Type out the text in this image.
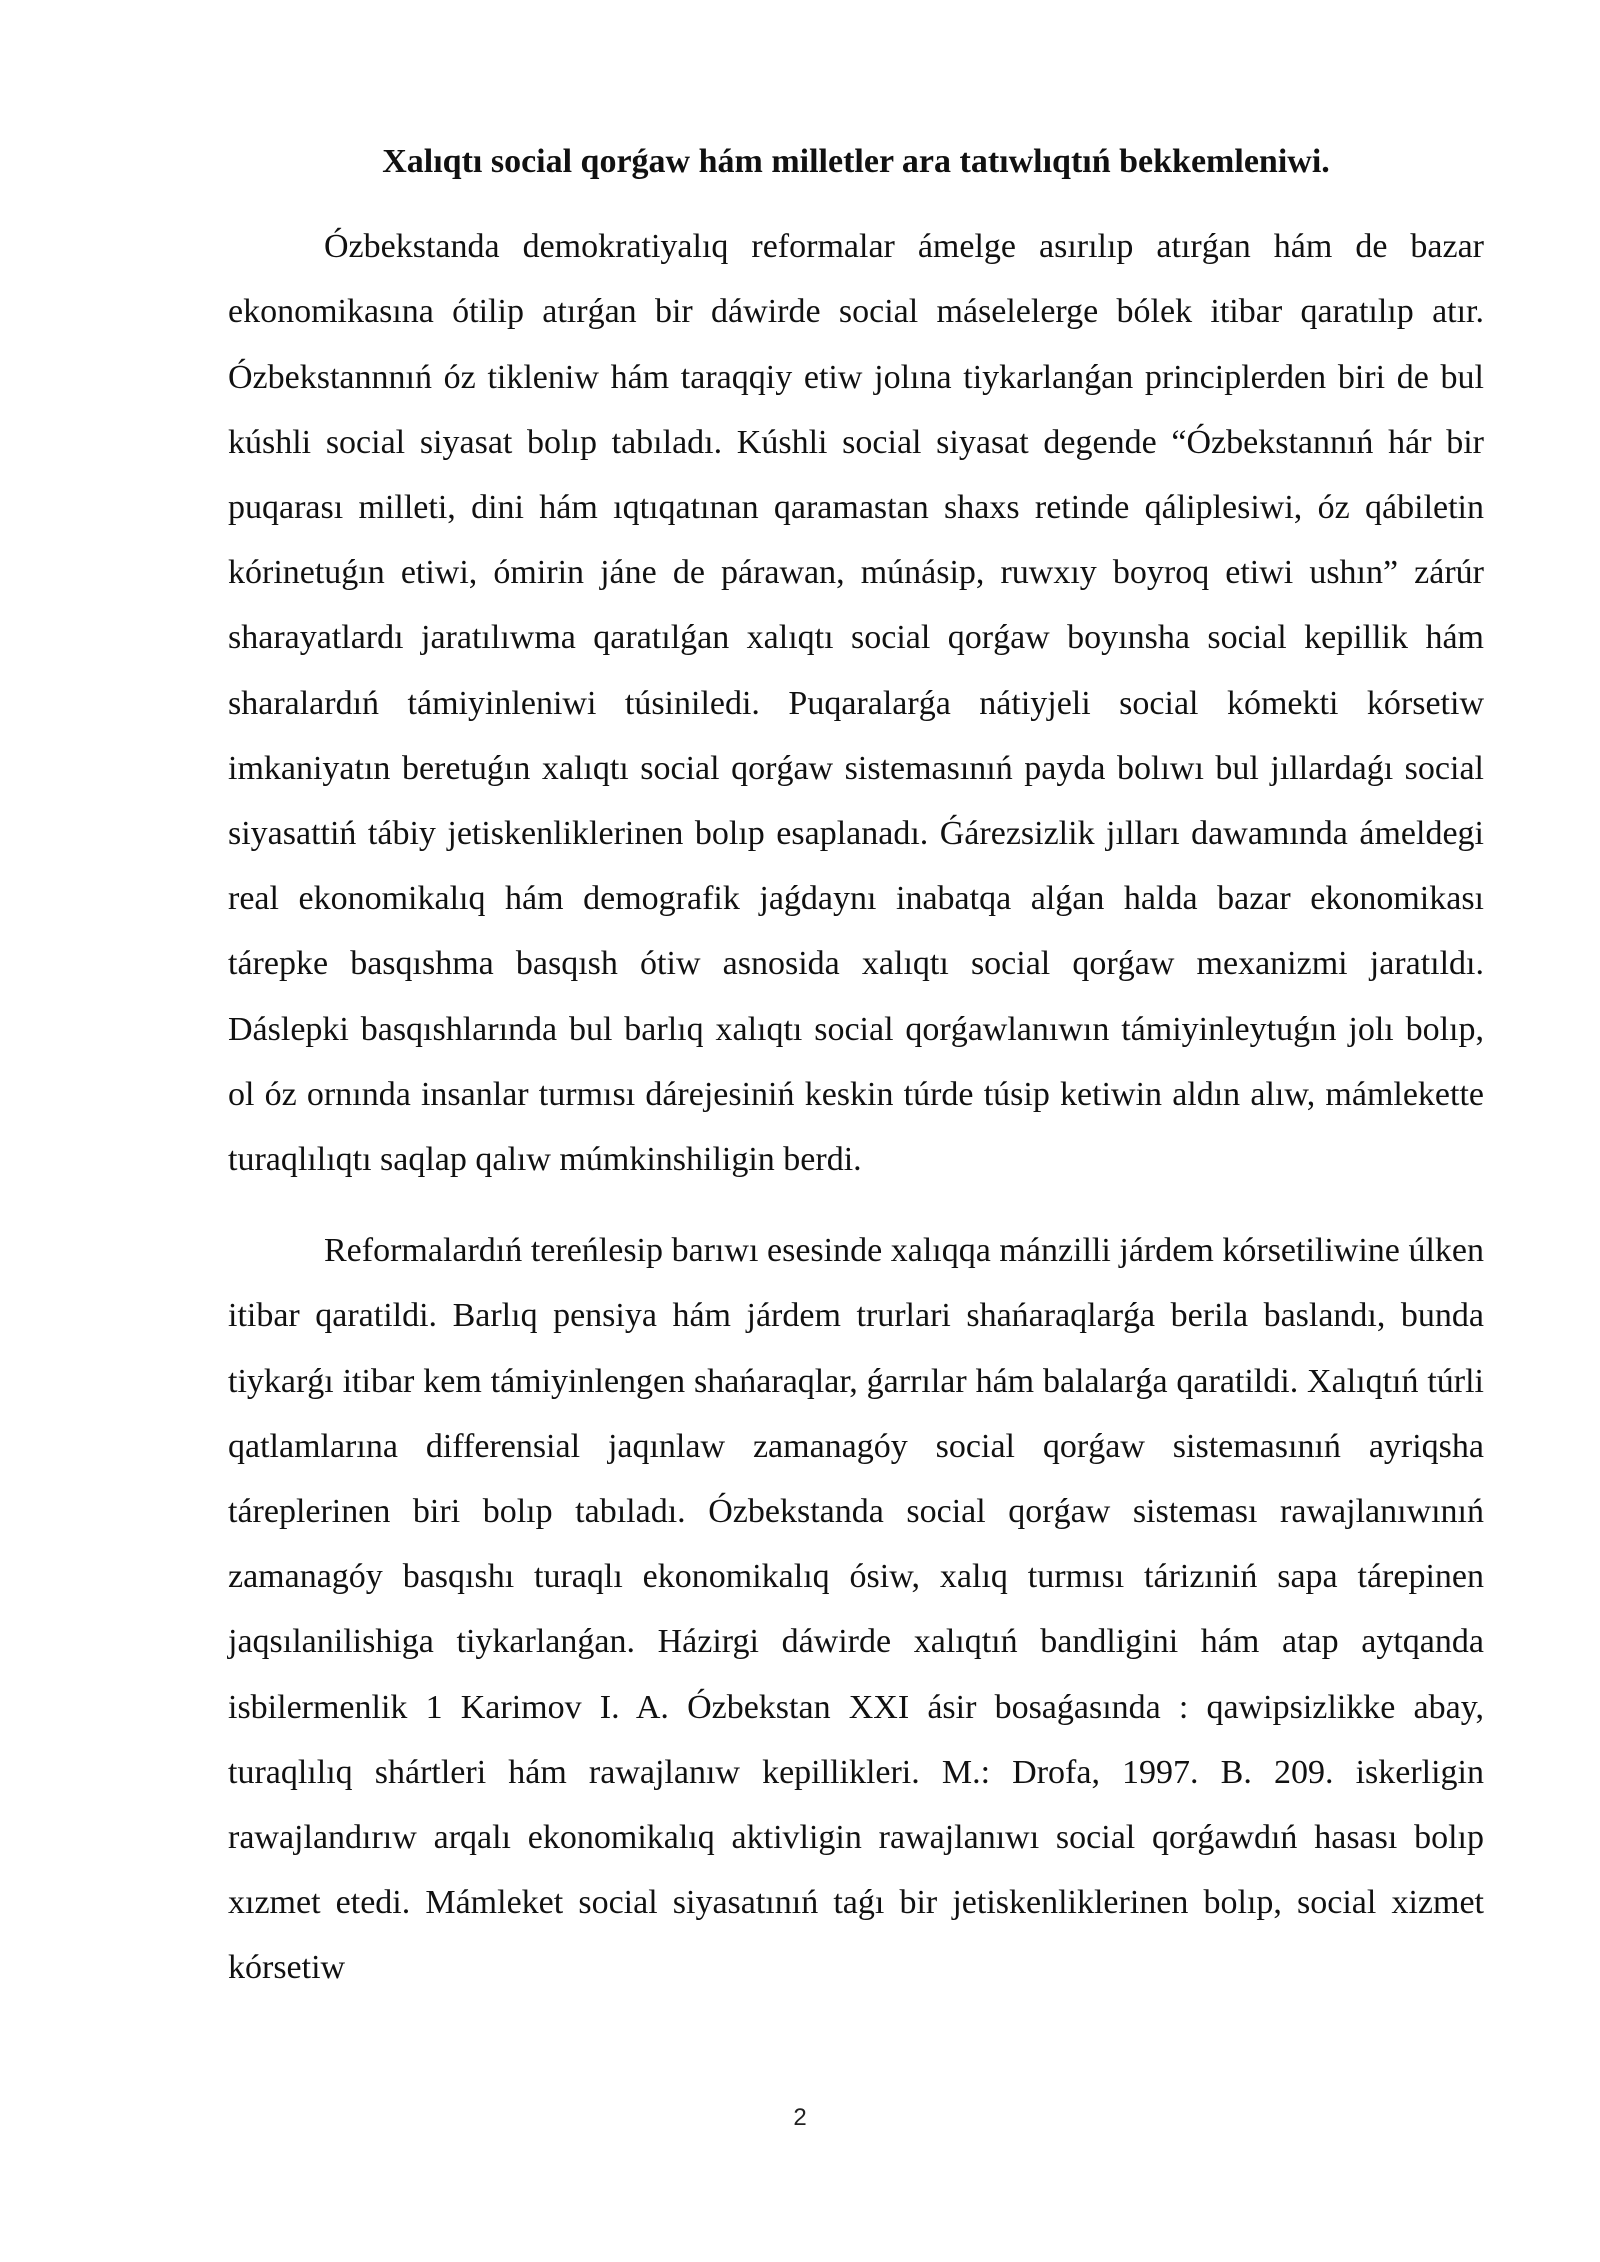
Xalıqtı social qorǵaw hám milletler ara tatıwlıqtıń bekkemleniwi.

Ózbekstanda demokratiyalıq reformalar ámelge asırılıp atırǵan hám de bazar ekonomikasına ótilip atırǵan bir dáwirde social máselelerge bólek itibar qaratılıp atır. Ózbekstannnıń óz tikleniw hám taraqqiy etiw jolına tiykarlanǵan principlerden biri de bul kúshli social siyasat bolıp tabıladı. Kúshli social siyasat degende “Ózbekstannıń hár bir puqarası milleti, dini hám ıqtıqatınan qaramastan shaxs retinde qáliplesiwi, óz qábiletin kórinetuǵın etiwi, ómirin jáne de párawan, múnásip, ruwxıy boyroq etiwi ushın” zárúr sharayatlardı jaratılıwma qaratılǵan xalıqtı social qorǵaw boyınsha social kepillik hám sharalardıń támiyinleniwi túsiniledi. Puqaralarǵa nátiyjeli social kómekti kórsetiw imkaniyatın beretuǵın xalıqtı social qorǵaw sistemasınıń payda bolıwı bul jıllardaǵı social siyasattiń tábiy jetiskenliklerinen bolıp esaplanadı. Ǵárezsizlik jılları dawamında ámeldegi real ekonomikalıq hám demografik jaǵdaynı inabatqa alǵan halda bazar ekonomikası tárepke basqıshma basqısh ótiw asnosida xalıqtı social qorǵaw mexanizmi jaratıldı. Dáslepki basqıshlarında bul barlıq xalıqtı social qorǵawlanıwın támiyinleytuǵın jolı bolıp, ol óz ornında insanlar turmısı dárejesiniń keskin túrde túsip ketiwin aldın alıw, mámlekette turaqlılıqtı saqlap qalıw múmkinshiligin berdi.

Reformalardıń tereńlesip barıwı esesinde xalıqqa mánzilli járdem kórsetiliwine úlken itibar qaratildi. Barlıq pensiya hám járdem trurlari shańaraqlarǵa berila baslandı, bunda tiykarǵı itibar kem támiyinlengen shańaraqlar, ǵarrılar hám balalarǵa qaratildi. Xalıqtıń túrli qatlamlarına differensial jaqınlaw zamanagóy social qorǵaw sistemasınıń ayriqsha táreplerinen biri bolıp tabıladı. Ózbekstanda social qorǵaw sisteması rawajlanıwınıń zamanagóy basqıshı turaqlı ekonomikalıq ósiw, xalıq turmısı tárizıniń sapa tárepinen jaqsılanilishiga tiykarlanǵan. Házirgi dáwirde xalıqtıń bandligini hám atap aytqanda isbilermenlik 1 Karimov I. A. Ózbekstan XXI ásir bosaǵasında : qawipsizlikke abay, turaqlılıq shártleri hám rawajlanıw kepillikleri. M.: Drofa, 1997. B. 209. iskerligin rawajlandırıw arqalı ekonomikalıq aktivligin rawajlanıwı social qorǵawdıń hasası bolıp xızmet etedi. Mámleket social siyasatınıń taǵı bir jetiskenliklerinen bolıp, social xizmet kórsetiw

2
